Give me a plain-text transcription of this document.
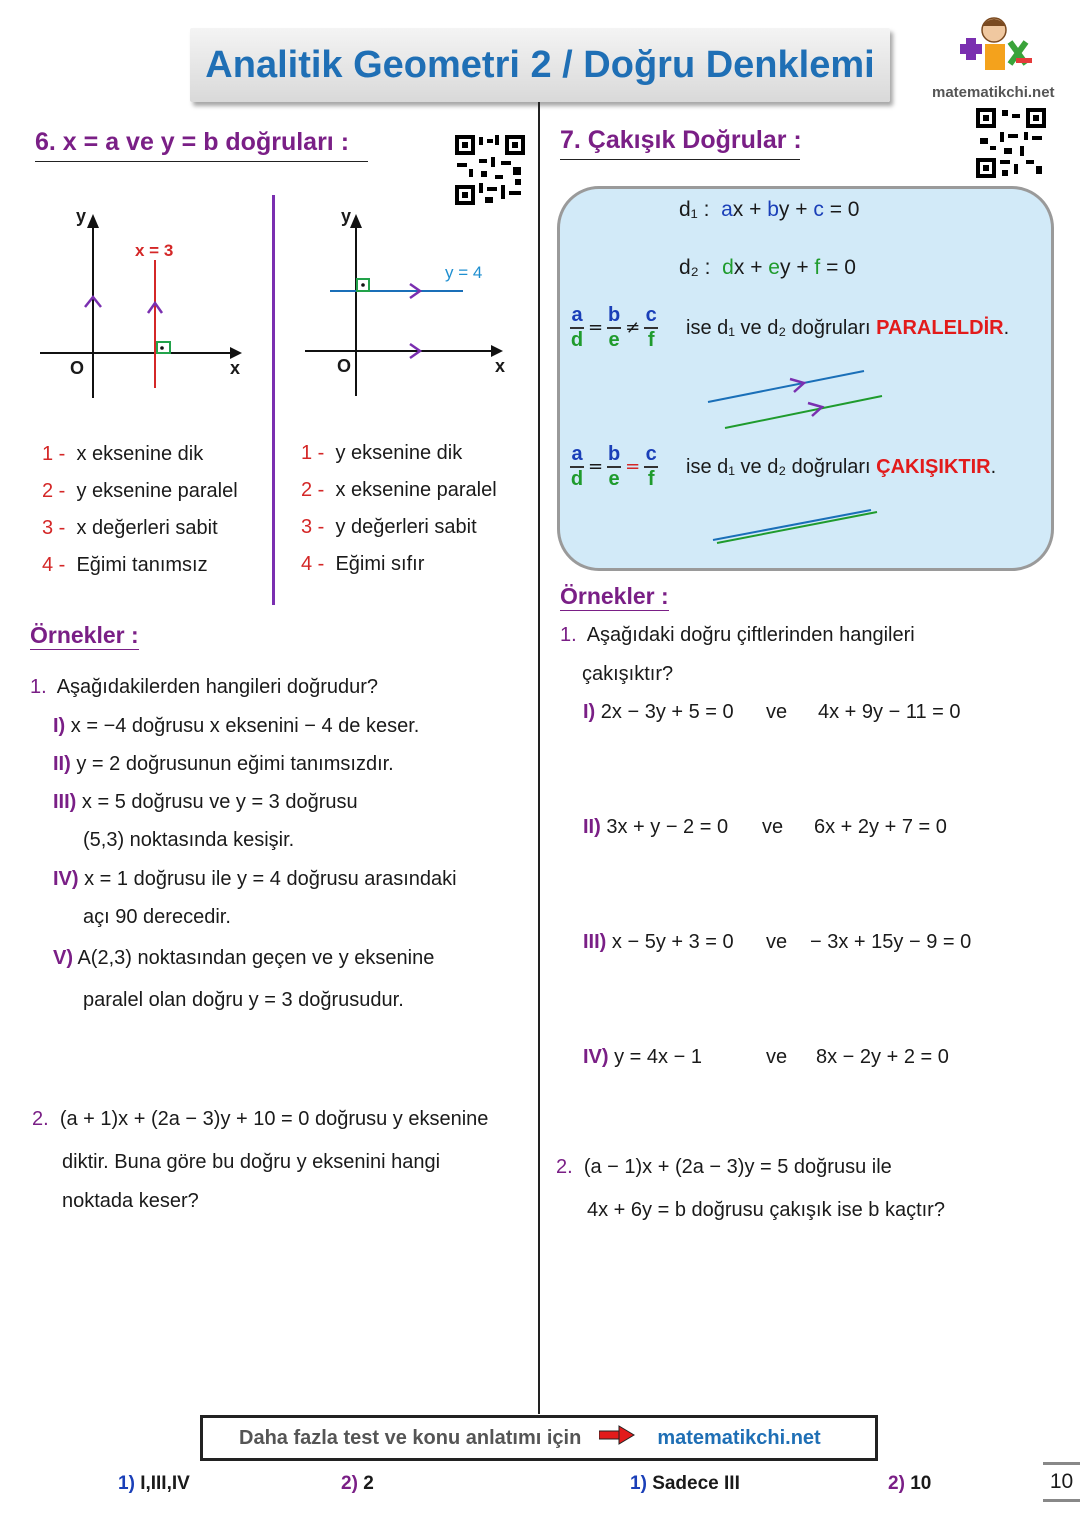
Analitik Geometri 2 / Doğru Denklemi
matematikchi.net
6. x = a ve y = b doğruları :
y
x
O
x = 3
y
x
O
y = 4
1 - x eksenine dik
2 - y eksenine paralel
3 - x değerleri sabit
4 - Eğimi tanımsız
1 - y eksenine dik
2 - x eksenine paralel
3 - y değerleri sabit
4 - Eğimi sıfır
Örnekler :
1. Aşağıdakilerden hangileri doğrudur?
I) x = −4 doğrusu x eksenini − 4 de keser.
II) y = 2 doğrusunun eğimi tanımsızdır.
III) x = 5 doğrusu ve y = 3 doğrusu
(5,3) noktasında kesişir.
IV) x = 1 doğrusu ile y = 4 doğrusu arasındaki
açı 90 derecedir.
V) A(2,3) noktasından geçen ve y eksenine
paralel olan doğru y = 3 doğrusudur.
2. (a + 1)x + (2a − 3)y + 10 = 0 doğrusu y eksenine
diktir. Buna göre bu doğru y eksenini hangi
noktada keser?
7. Çakışık Doğrular :
d₁ : ax + by + c = 0
d₂ : dx + ey + f = 0
$\frac{a}{d} = \frac{b}{e} \ne \frac{c}{f}$ ise d₁ ve d₂ doğruları PARALELDİR.
$\frac{a}{d} = \frac{b}{e} = \frac{c}{f}$ ise d₁ ve d₂ doğruları ÇAKIŞIKTIR.
Örnekler :
1. Aşağıdaki doğru çiftlerinden hangileri
çakışıktır?
I) 2x − 3y + 5 = 0 ve 4x + 9y − 11 = 0
II) 3x + y − 2 = 0 ve 6x + 2y + 7 = 0
III) x − 5y + 3 = 0 ve − 3x + 15y − 9 = 0
IV) y = 4x − 1	ve 8x − 2y + 2 = 0
2. (a − 1)x + (2a − 3)y = 5 doğrusu ile
4x + 6y = b doğrusu çakışık ise b kaçtır?
Daha fazla test ve konu anlatımı için	matematikchi.net
1) I,III,IV	2) 2	1) Sadece III	2) 10	10
